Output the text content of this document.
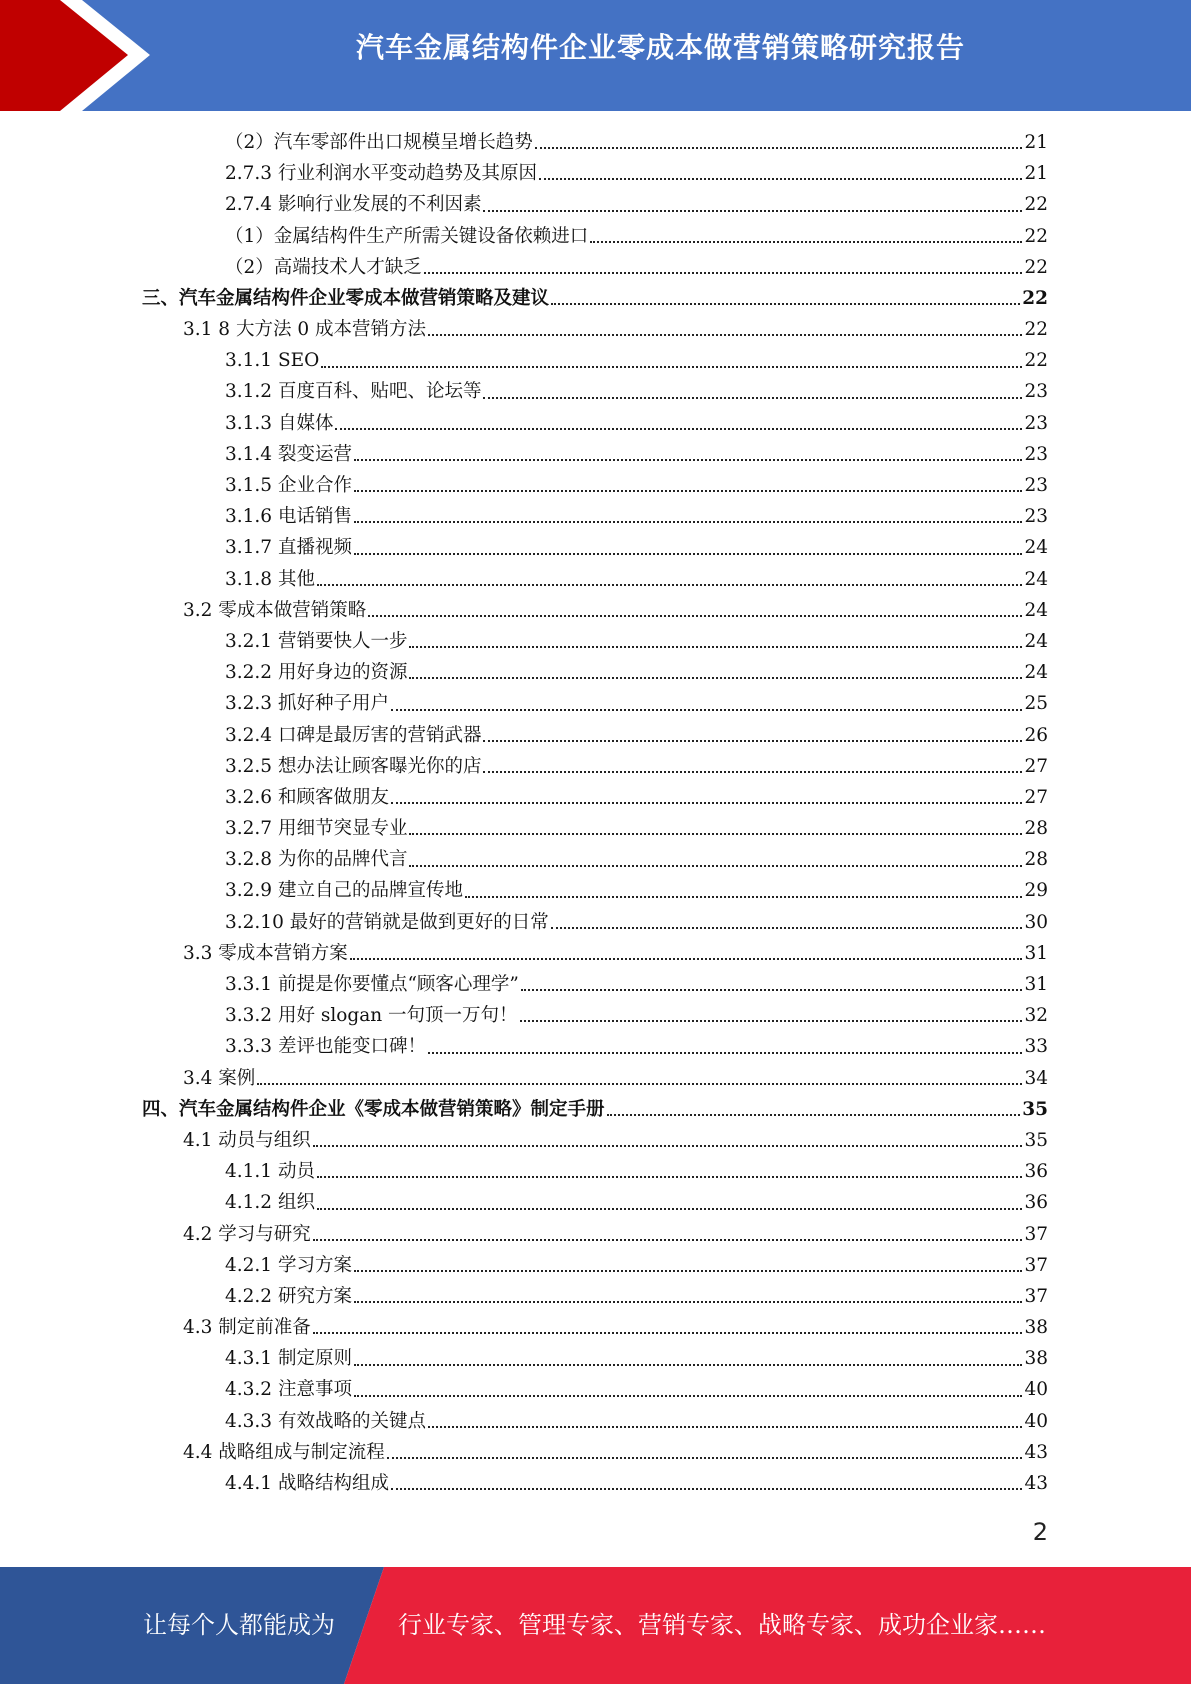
汽车金属结构件企业零成本做营销策略研究报告
（2）汽车零部件出口规模呈增长趋势	21
2.7.3 行业利润水平变动趋势及其原因	21
2.7.4 影响行业发展的不利因素	22
（1）金属结构件生产所需关键设备依赖进口	22
（2）高端技术人才缺乏	22
三、汽车金属结构件企业零成本做营销策略及建议	22
3.1 8 大方法 0 成本营销方法	22
3.1.1 SEO	22
3.1.2 百度百科、贴吧、论坛等	23
3.1.3 自媒体	23
3.1.4 裂变运营	23
3.1.5 企业合作	23
3.1.6 电话销售	23
3.1.7 直播视频	24
3.1.8 其他	24
3.2 零成本做营销策略	24
3.2.1 营销要快人一步	24
3.2.2 用好身边的资源	24
3.2.3 抓好种子用户	25
3.2.4 口碑是最厉害的营销武器	26
3.2.5 想办法让顾客曝光你的店	27
3.2.6 和顾客做朋友	27
3.2.7 用细节突显专业	28
3.2.8 为你的品牌代言	28
3.2.9 建立自己的品牌宣传地	29
3.2.10 最好的营销就是做到更好的日常	30
3.3 零成本营销方案	31
3.3.1 前提是你要懂点“顾客心理学”	31
3.3.2 用好 slogan 一句顶一万句！	32
3.3.3 差评也能变口碑！	33
3.4 案例	34
四、汽车金属结构件企业《零成本做营销策略》制定手册	35
4.1 动员与组织	35
4.1.1 动员	36
4.1.2 组织	36
4.2 学习与研究	37
4.2.1 学习方案	37
4.2.2 研究方案	37
4.3 制定前准备	38
4.3.1 制定原则	38
4.3.2 注意事项	40
4.3.3 有效战略的关键点	40
4.4 战略组成与制定流程	43
4.4.1 战略结构组成	43
2
让每个人都能成为	行业专家、管理专家、营销专家、战略专家、成功企业家……
